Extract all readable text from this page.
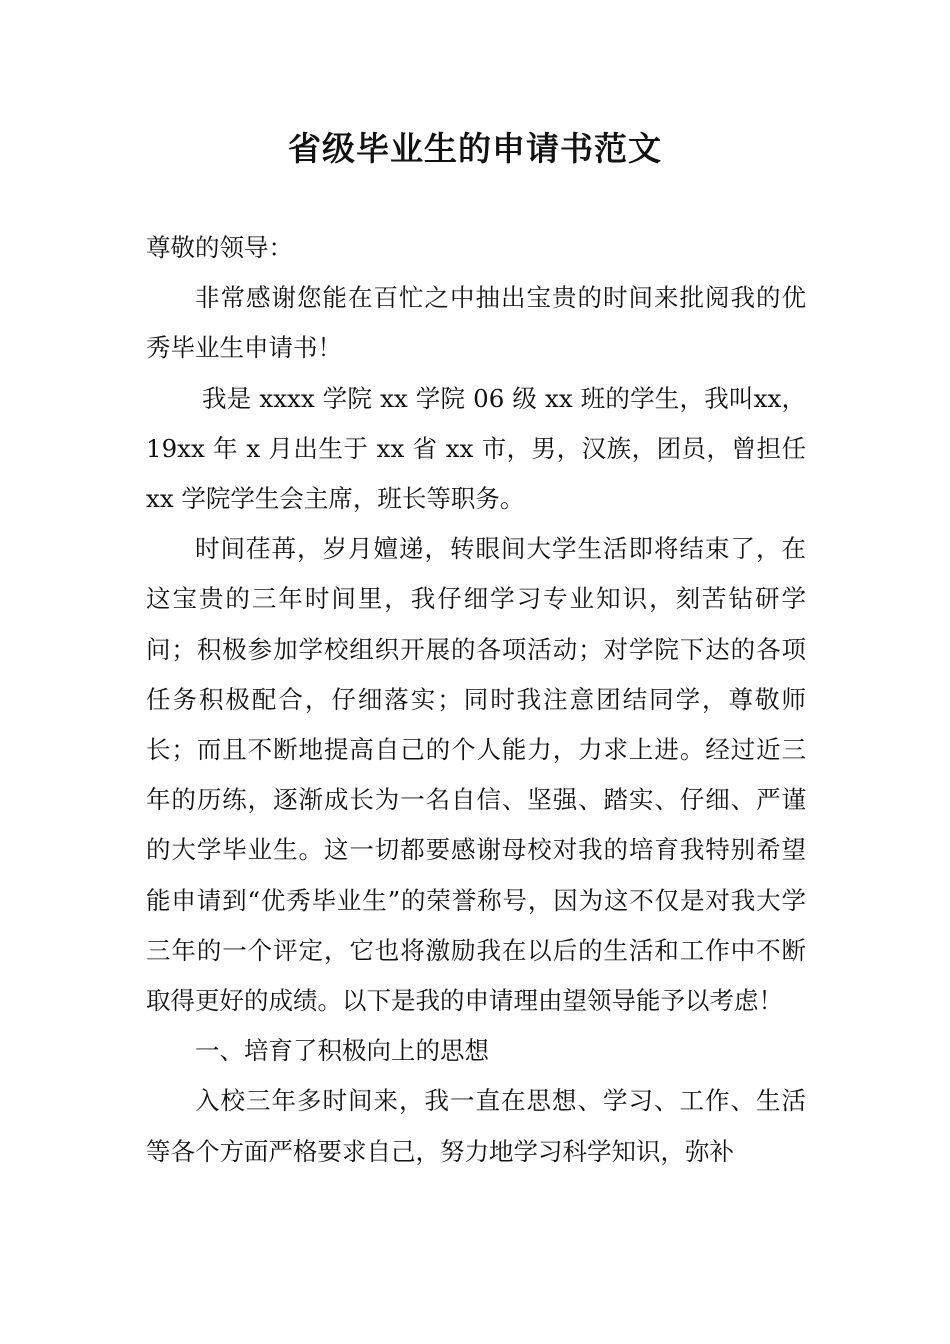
省级毕业生的申请书范文

尊敬的领导：

非常感谢您能在百忙之中抽出宝贵的时间来批阅我的优秀毕业生申请书！

我是 xxxx 学院 xx 学院 06 级 xx 班的学生，我叫xx，19xx 年 x 月出生于 xx 省 xx 市，男，汉族，团员，曾担任 xx 学院学生会主席，班长等职务。

时间荏苒，岁月嬗递，转眼间大学生活即将结束了，在这宝贵的三年时间里，我仔细学习专业知识，刻苦钻研学问；积极参加学校组织开展的各项活动；对学院下达的各项任务积极配合，仔细落实；同时我注意团结同学，尊敬师长；而且不断地提高自己的个人能力，力求上进。经过近三年的历练，逐渐成长为一名自信、坚强、踏实、仔细、严谨的大学毕业生。这一切都要感谢母校对我的培育我特别希望能申请到“优秀毕业生”的荣誉称号，因为这不仅是对我大学三年的一个评定，它也将激励我在以后的生活和工作中不断取得更好的成绩。以下是我的申请理由望领导能予以考虑！

一、培育了积极向上的思想

入校三年多时间来，我一直在思想、学习、工作、生活等各个方面严格要求自己，努力地学习科学知识，弥补
